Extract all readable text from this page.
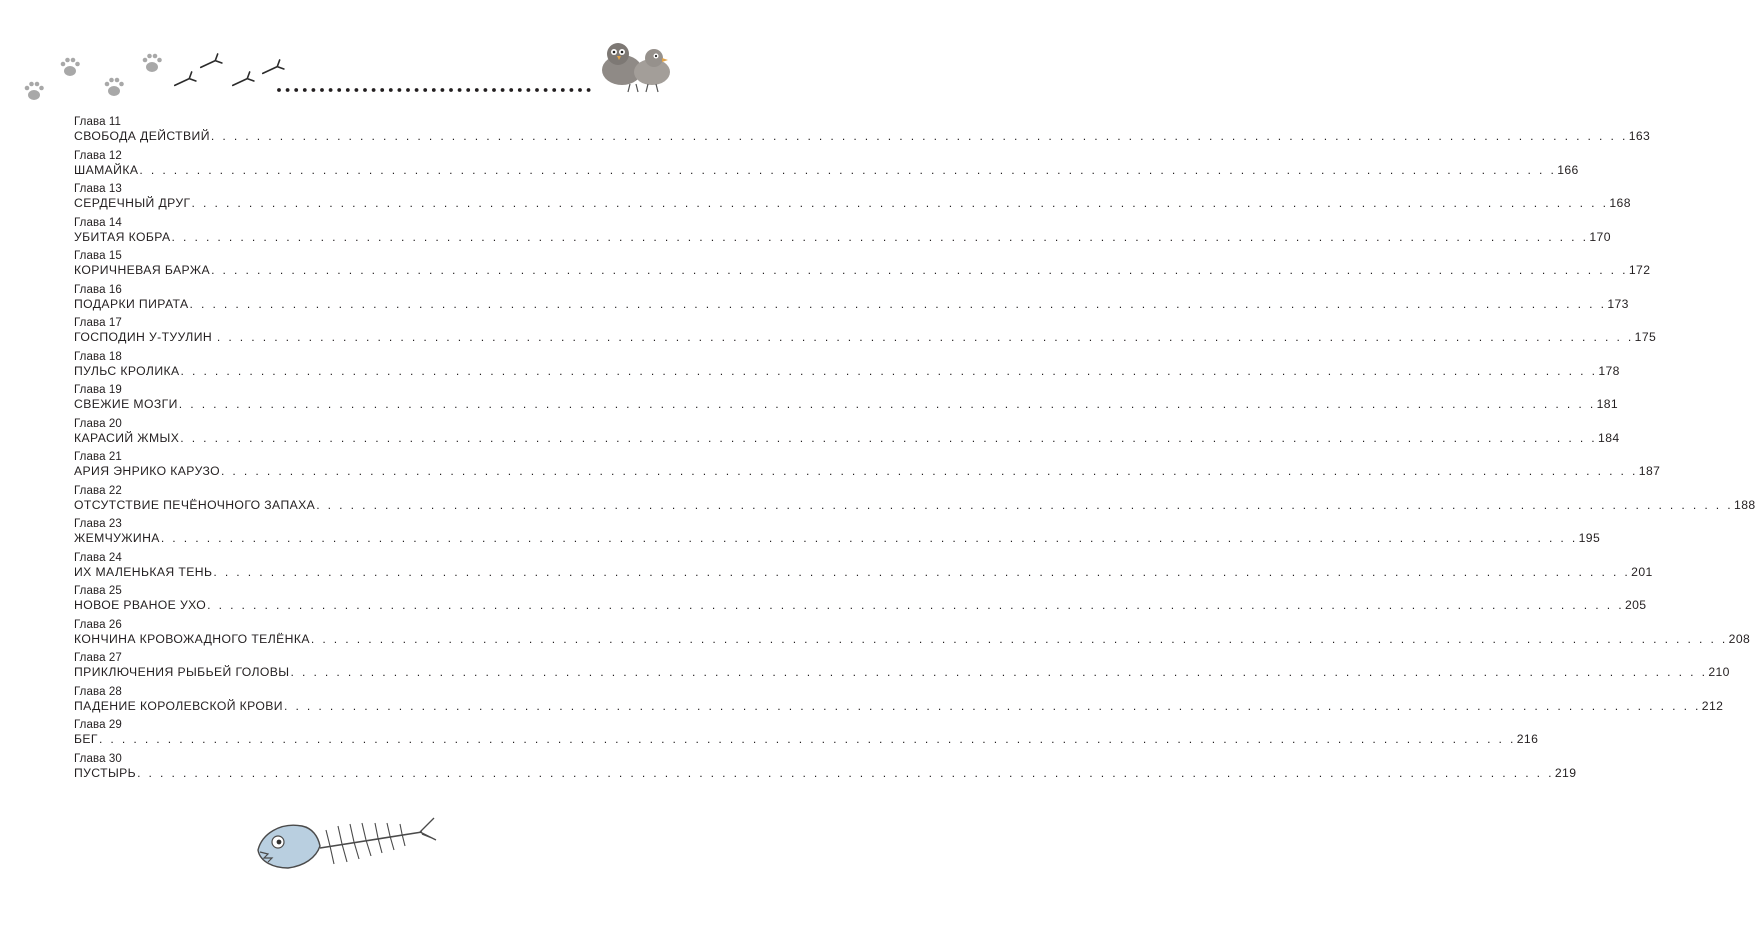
Глава 11
СВОБОДА ДЕЙСТВИЙ . . . . . . . . . . . . . . . . . . . . . . . . . . . . . . . . . . . . . . . . . . . . . . . . . . . . . . . . . . . . . . . . . . . . . . . . . . . . . . . . . . . . . . . . . . . . . . . . . . . . . . . . . . . . . . . . . . . . . . . . . . . . 163
Глава 12
ШАМАЙКА . . . . . . . . . . . . . . . . . . . . . . . . . . . . . . . . . . . . . . . . . . . . . . . . . . . . . . . . . . . . . . . . . . . . . . . . . . . . . . . . . . . . . . . . . . . . . . . . . . . . . . . . . . . . . . . . . . . . . . . . . . . . 166
Глава 13
СЕРДЕЧНЫЙ ДРУГ . . . . . . . . . . . . . . . . . . . . . . . . . . . . . . . . . . . . . . . . . . . . . . . . . . . . . . . . . . . . . . . . . . . . . . . . . . . . . . . . . . . . . . . . . . . . . . . . . . . . . . . . . . . . . . . . . . . . . . . . . . . . 168
Глава 14
УБИТАЯ КОБРА . . . . . . . . . . . . . . . . . . . . . . . . . . . . . . . . . . . . . . . . . . . . . . . . . . . . . . . . . . . . . . . . . . . . . . . . . . . . . . . . . . . . . . . . . . . . . . . . . . . . . . . . . . . . . . . . . . . . . . . . . . . . 170
Глава 15
КОРИЧНЕВАЯ БАРЖА . . . . . . . . . . . . . . . . . . . . . . . . . . . . . . . . . . . . . . . . . . . . . . . . . . . . . . . . . . . . . . . . . . . . . . . . . . . . . . . . . . . . . . . . . . . . . . . . . . . . . . . . . . . . . . . . . . . . . . . . . . . . 172
Глава 16
ПОДАРКИ ПИРАТА . . . . . . . . . . . . . . . . . . . . . . . . . . . . . . . . . . . . . . . . . . . . . . . . . . . . . . . . . . . . . . . . . . . . . . . . . . . . . . . . . . . . . . . . . . . . . . . . . . . . . . . . . . . . . . . . . . . . . . . . . . . . 173
Глава 17
ГОСПОДИН У-ТУУЛИН . . . . . . . . . . . . . . . . . . . . . . . . . . . . . . . . . . . . . . . . . . . . . . . . . . . . . . . . . . . . . . . . . . . . . . . . . . . . . . . . . . . . . . . . . . . . . . . . . . . . . . . . . . . . . . . . . . . . . . . . . . . . 175
Глава 18
ПУЛЬС КРОЛИКА . . . . . . . . . . . . . . . . . . . . . . . . . . . . . . . . . . . . . . . . . . . . . . . . . . . . . . . . . . . . . . . . . . . . . . . . . . . . . . . . . . . . . . . . . . . . . . . . . . . . . . . . . . . . . . . . . . . . . . . . . . . . 178
Глава 19
СВЕЖИЕ МОЗГИ . . . . . . . . . . . . . . . . . . . . . . . . . . . . . . . . . . . . . . . . . . . . . . . . . . . . . . . . . . . . . . . . . . . . . . . . . . . . . . . . . . . . . . . . . . . . . . . . . . . . . . . . . . . . . . . . . . . . . . . . . . . . 181
Глава 20
КАРАСИЙ ЖМЫХ . . . . . . . . . . . . . . . . . . . . . . . . . . . . . . . . . . . . . . . . . . . . . . . . . . . . . . . . . . . . . . . . . . . . . . . . . . . . . . . . . . . . . . . . . . . . . . . . . . . . . . . . . . . . . . . . . . . . . . . . . . . . 184
Глава 21
АРИЯ ЭНРИКО КАРУЗО . . . . . . . . . . . . . . . . . . . . . . . . . . . . . . . . . . . . . . . . . . . . . . . . . . . . . . . . . . . . . . . . . . . . . . . . . . . . . . . . . . . . . . . . . . . . . . . . . . . . . . . . . . . . . . . . . . . . . . . . . . . . 187
Глава 22
ОТСУТСТВИЕ ПЕЧЁНОЧНОГО ЗАПАХА . . . . . . . . . . . . . . . . . . . . . . . . . . . . . . . . . . . . . . . . . . . . . . . . . . . . . . . . . . . . . . . . . . . . . . . . . . . . . . . . . . . . . . . . . . . . . . . . . . . . . . . . . . . . . . . . . . . . . . . . . . . . 188
Глава 23
ЖЕМЧУЖИНА . . . . . . . . . . . . . . . . . . . . . . . . . . . . . . . . . . . . . . . . . . . . . . . . . . . . . . . . . . . . . . . . . . . . . . . . . . . . . . . . . . . . . . . . . . . . . . . . . . . . . . . . . . . . . . . . . . . . . . . . . . . . 195
Глава 24
ИХ МАЛЕНЬКАЯ ТЕНЬ . . . . . . . . . . . . . . . . . . . . . . . . . . . . . . . . . . . . . . . . . . . . . . . . . . . . . . . . . . . . . . . . . . . . . . . . . . . . . . . . . . . . . . . . . . . . . . . . . . . . . . . . . . . . . . . . . . . . . . . . . . . . 201
Глава 25
НОВОЕ РВАНОЕ УХО . . . . . . . . . . . . . . . . . . . . . . . . . . . . . . . . . . . . . . . . . . . . . . . . . . . . . . . . . . . . . . . . . . . . . . . . . . . . . . . . . . . . . . . . . . . . . . . . . . . . . . . . . . . . . . . . . . . . . . . . . . . . 205
Глава 26
КОНЧИНА КРОВОЖАДНОГО ТЕЛЁНКА . . . . . . . . . . . . . . . . . . . . . . . . . . . . . . . . . . . . . . . . . . . . . . . . . . . . . . . . . . . . . . . . . . . . . . . . . . . . . . . . . . . . . . . . . . . . . . . . . . . . . . . . . . . . . . . . . . . . . . . . . . . . 208
Глава 27
ПРИКЛЮЧЕНИЯ РЫБЬЕЙ ГОЛОВЫ . . . . . . . . . . . . . . . . . . . . . . . . . . . . . . . . . . . . . . . . . . . . . . . . . . . . . . . . . . . . . . . . . . . . . . . . . . . . . . . . . . . . . . . . . . . . . . . . . . . . . . . . . . . . . . . . . . . . . . . . . . . . 210
Глава 28
ПАДЕНИЕ КОРОЛЕВСКОЙ КРОВИ . . . . . . . . . . . . . . . . . . . . . . . . . . . . . . . . . . . . . . . . . . . . . . . . . . . . . . . . . . . . . . . . . . . . . . . . . . . . . . . . . . . . . . . . . . . . . . . . . . . . . . . . . . . . . . . . . . . . . . . . . . . . 212
Глава 29
БЕГ . . . . . . . . . . . . . . . . . . . . . . . . . . . . . . . . . . . . . . . . . . . . . . . . . . . . . . . . . . . . . . . . . . . . . . . . . . . . . . . . . . . . . . . . . . . . . . . . . . . . . . . . . . . . . . . . . . . . . . . . . . . . 216
Глава 30
ПУСТЫРЬ . . . . . . . . . . . . . . . . . . . . . . . . . . . . . . . . . . . . . . . . . . . . . . . . . . . . . . . . . . . . . . . . . . . . . . . . . . . . . . . . . . . . . . . . . . . . . . . . . . . . . . . . . . . . . . . . . . . . . . . . . . . . 219
